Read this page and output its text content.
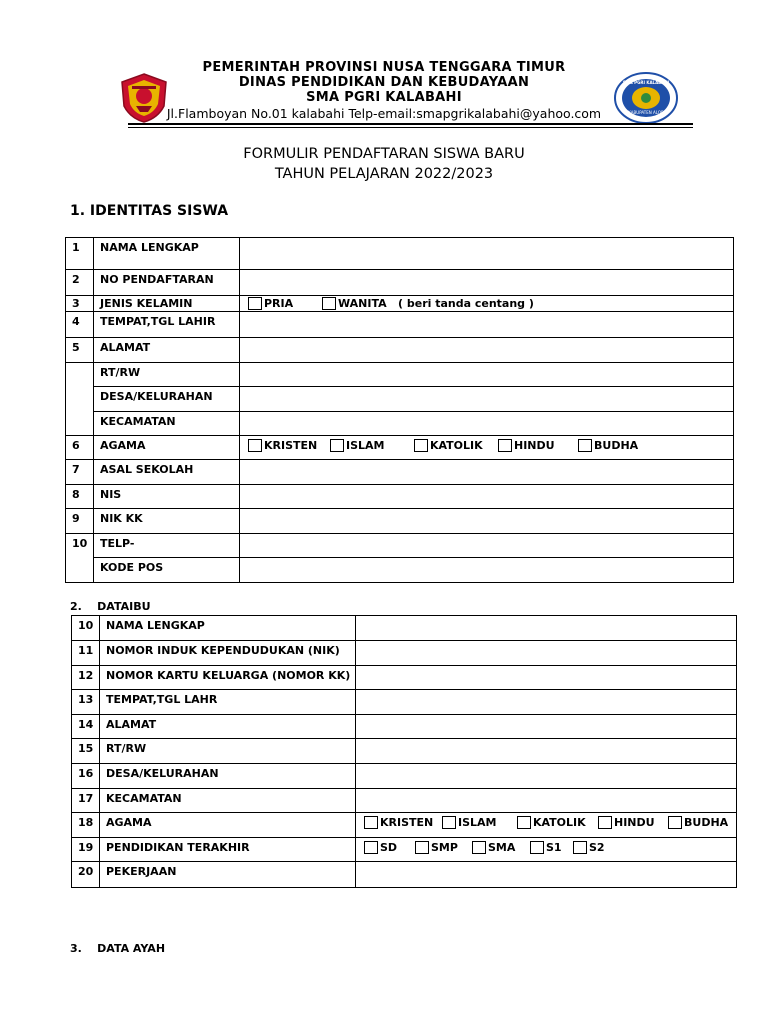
PEMERINTAH PROVINSI NUSA TENGGARA TIMUR
DINAS PENDIDIKAN DAN KEBUDAYAAN
SMA PGRI KALABAHI
Jl.Flamboyan No.01 kalabahi Telp-email:smapgrikalabahi@yahoo.com
SMA PGRI KALABAHI
KABUPATEN ALOR
FORMULIR PENDAFTARAN SISWA BARU
TAHUN PELAJARAN 2022/2023
1. IDENTITAS SISWA
1	NAMA LENGKAP	
2	NO PENDAFTARAN	
3	JENIS KELAMIN	PRIA WANITA ( beri tanda centang )

4	TEMPAT,TGL LAHIR	
5	ALAMAT	
	RT/RW	
	DESA/KELURAHAN	
	KECAMATAN	
6	AGAMA	KRISTEN ISLAM KATOLIK HINDU BUDHA

7	ASAL SEKOLAH	
8	NIS	
9	NIK KK	
10	TELP-	
	KODE POS	
2.    DATAIBU
10	NAMA LENGKAP	
11	NOMOR INDUK KEPENDUDUKAN (NIK)	
12	NOMOR KARTU KELUARGA (NOMOR KK)	
13	TEMPAT,TGL LAHR	
14	ALAMAT	
15	RT/RW	
16	DESA/KELURAHAN	
17	KECAMATAN	
18	AGAMA	KRISTEN ISLAM KATOLIK HINDU BUDHA

19	PENDIDIKAN TERAKHIR	SD SMP SMA S1 S2

20	PEKERJAAN	
3.    DATA AYAH
